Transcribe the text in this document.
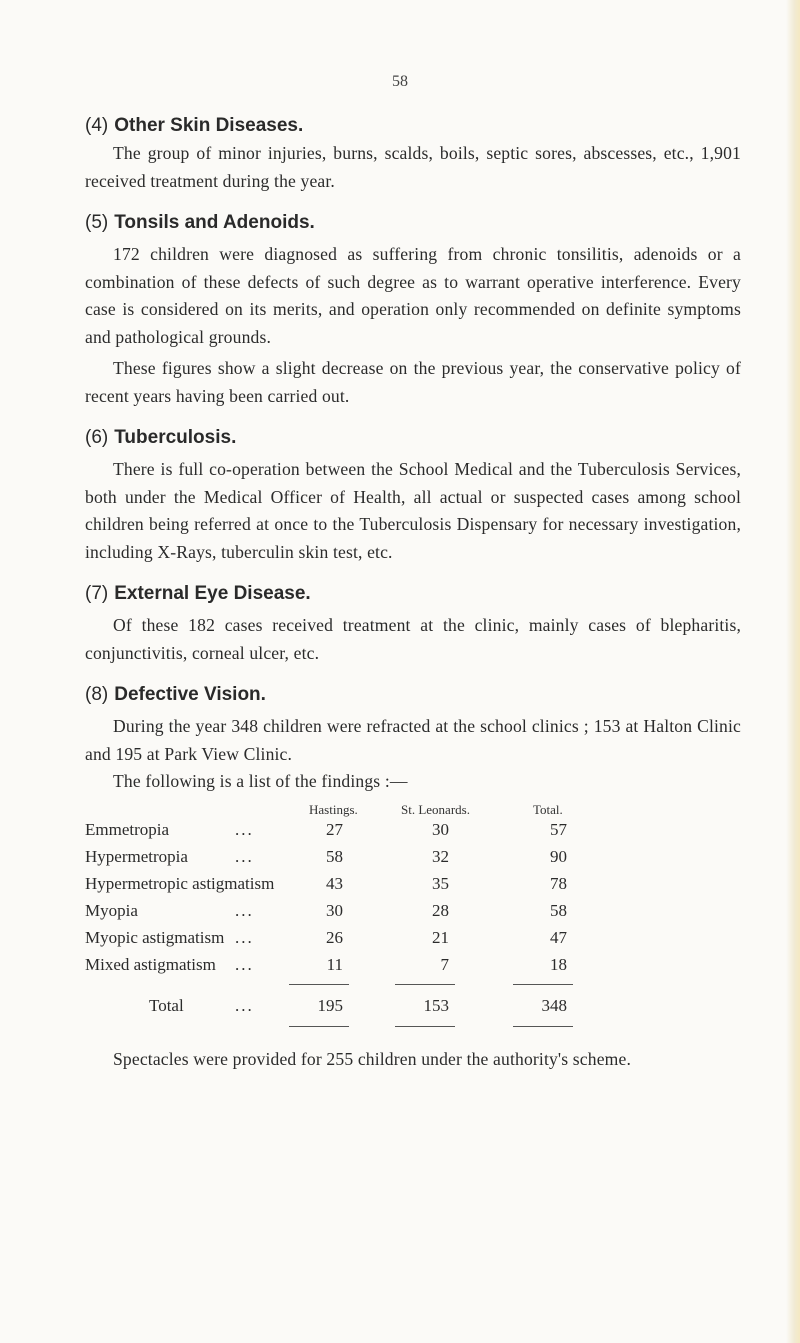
58
(4) Other Skin Diseases.

The group of minor injuries, burns, scalds, boils, septic sores, abscesses, etc., 1,901 received treatment during the year.

(5) Tonsils and Adenoids.

172 children were diagnosed as suffering from chronic tonsilitis, adenoids or a combination of these defects of such degree as to warrant operative interference. Every case is considered on its merits, and operation only recommended on definite symptoms and pathological grounds.

These figures show a slight decrease on the previous year, the conservative policy of recent years having been carried out.

(6) Tuberculosis.

There is full co-operation between the School Medical and the Tuberculosis Services, both under the Medical Officer of Health, all actual or suspected cases among school children being referred at once to the Tuberculosis Dispensary for necessary investigation, including X-Rays, tuberculin skin test, etc.

(7) External Eye Disease.

Of these 182 cases received treatment at the clinic, mainly cases of blepharitis, conjunctivitis, corneal ulcer, etc.

(8) Defective Vision.

During the year 348 children were refracted at the school clinics ; 153 at Halton Clinic and 195 at Park View Clinic.

The following is a list of the findings :—

Hastings.	St. Leonards.	Total.
Emmetropia	...	27	30	57
Hypermetropia	...	58	32	90
Hypermetropic astigmatism	43	35	78
Myopia	...	30	28	58
Myopic astigmatism ...	26	21	47
Mixed astigmatism ...	11	7	18
Total	...	195	153	348

Spectacles were provided for 255 children under the authority's scheme.
